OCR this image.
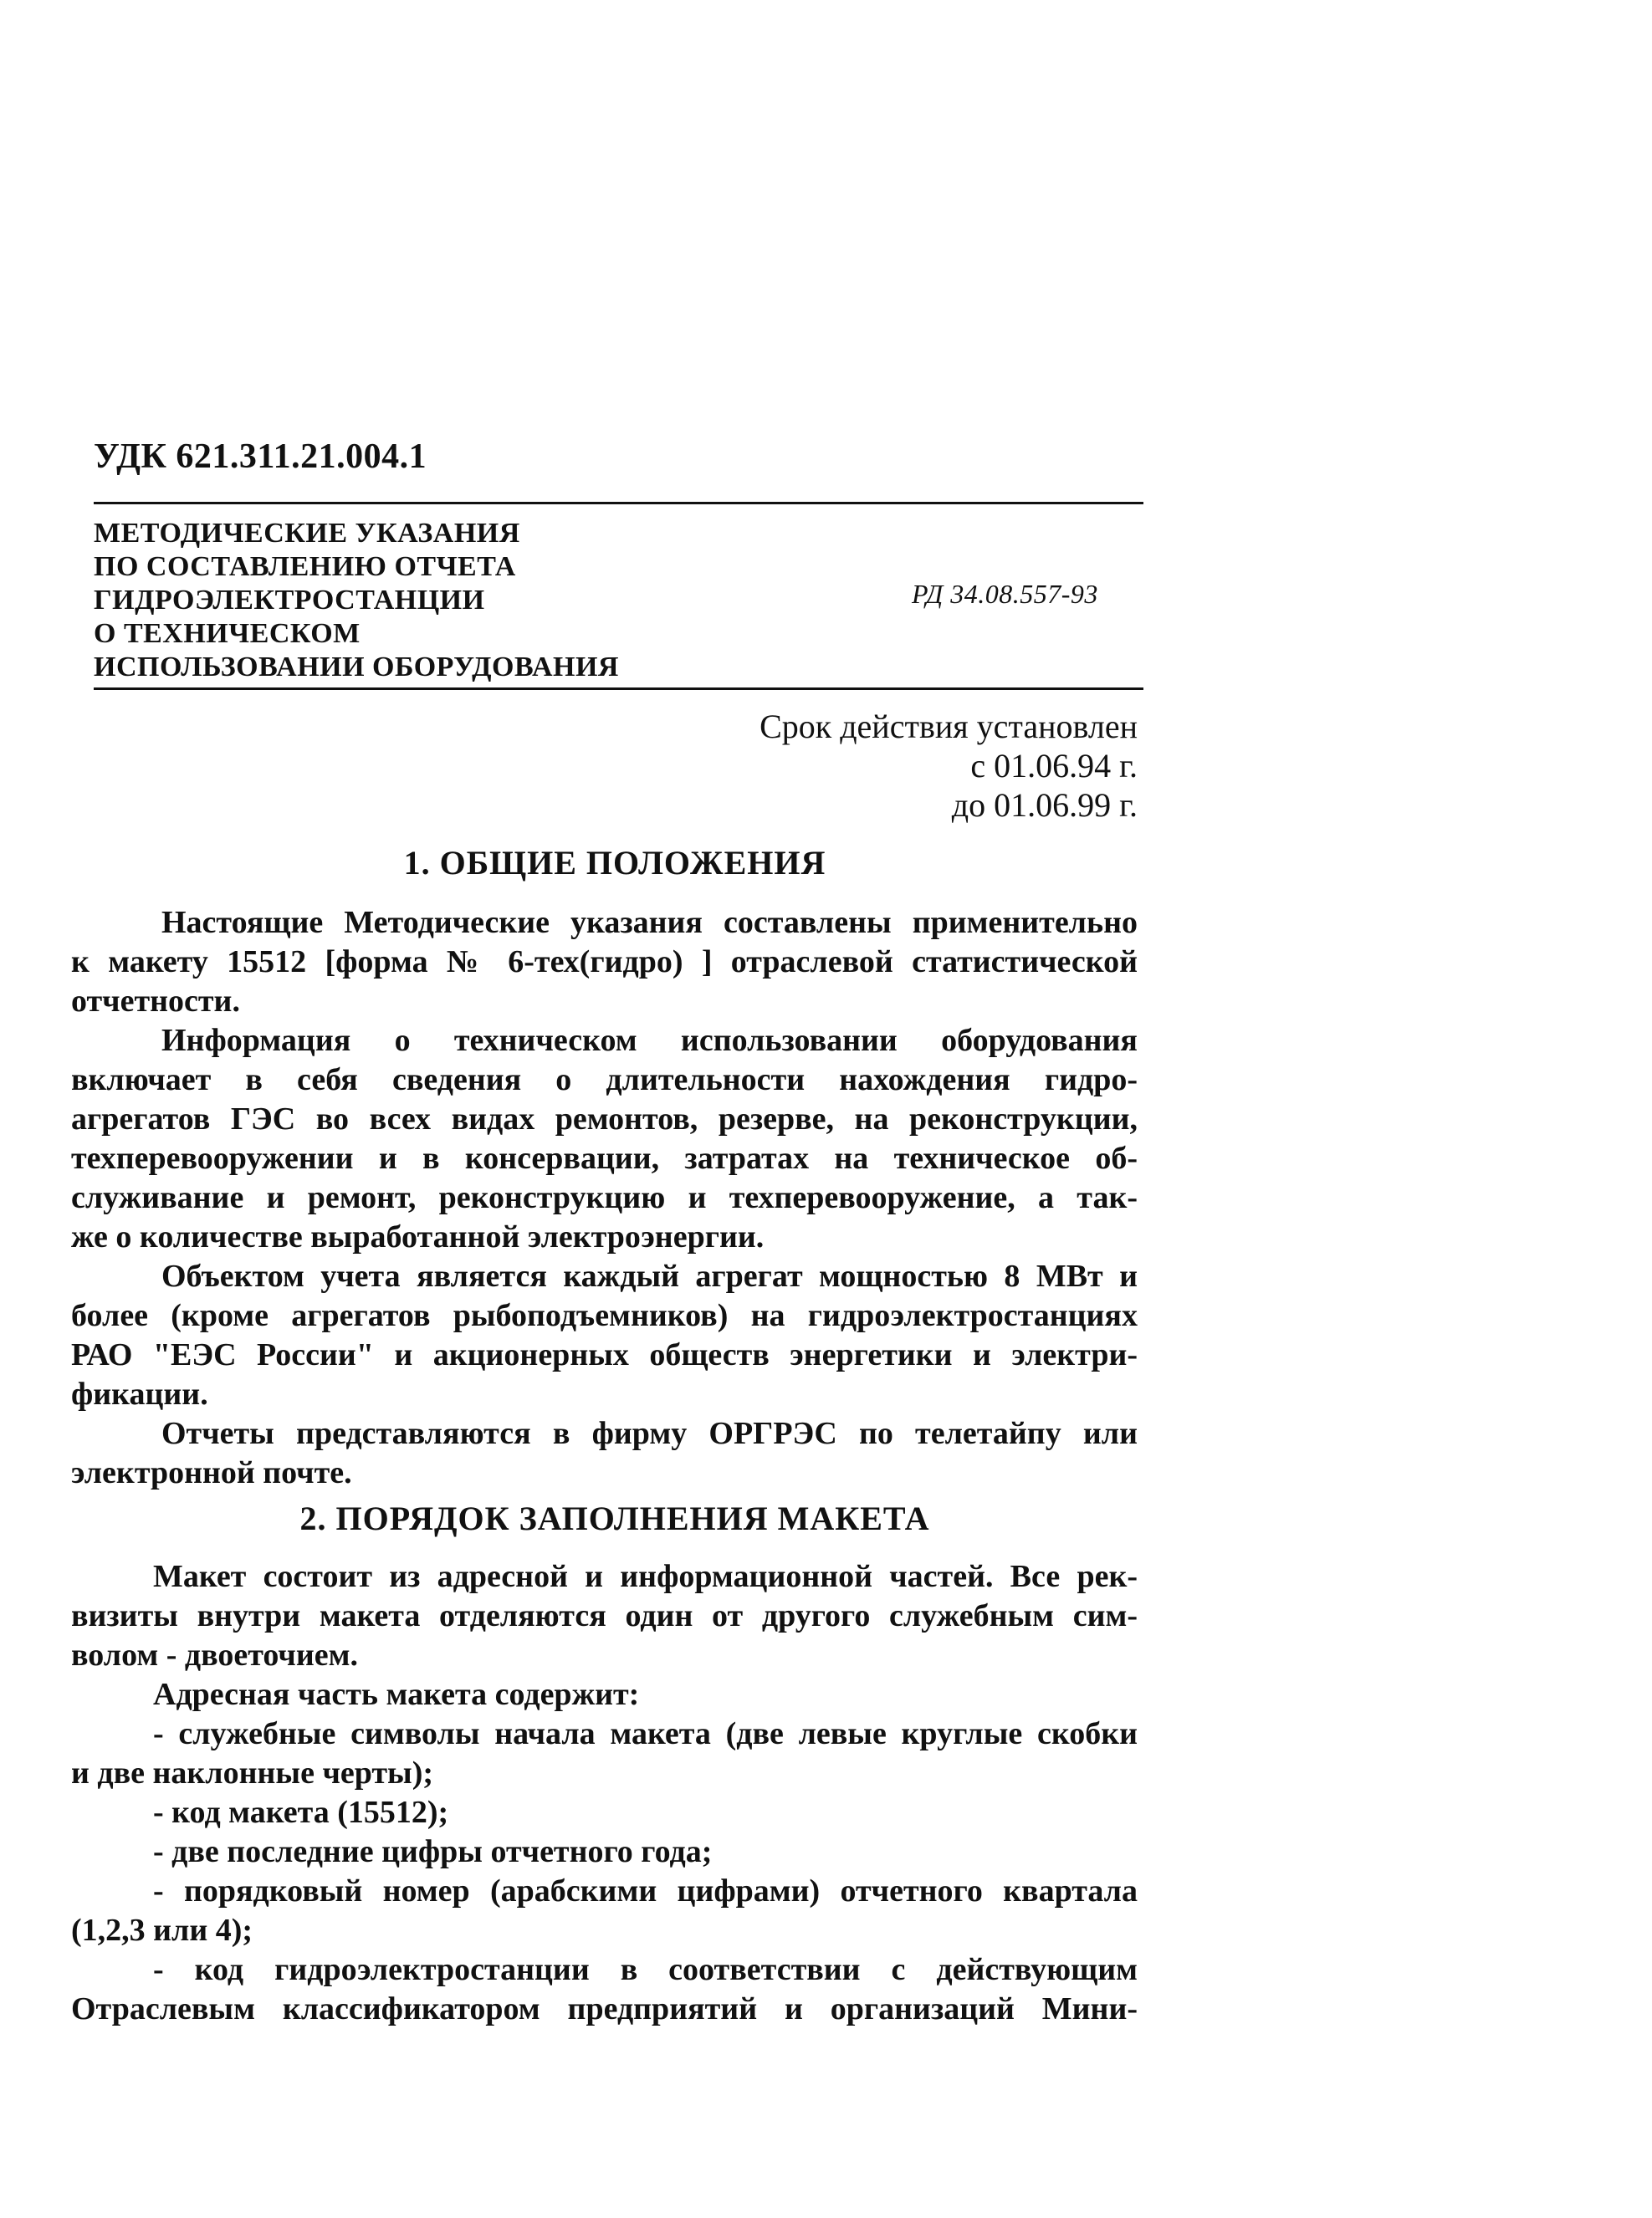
УДК 621.311.21.004.1
МЕТОДИЧЕСКИЕ УКАЗАНИЯ
ПО СОСТАВЛЕНИЮ ОТЧЕТА
ГИДРОЭЛЕКТРОСТАНЦИИ
О ТЕХНИЧЕСКОМ
ИСПОЛЬЗОВАНИИ ОБОРУДОВАНИЯ
РД 34.08.557-93
Срок действия установлен
с 01.06.94 г.
до 01.06.99 г.
1. ОБЩИЕ ПОЛОЖЕНИЯ
Настоящие Методические указания составлены применительно
к макету 15512 [форма № 6-тех(гидро) ] отраслевой статистической
отчетности.
Информация о техническом использовании оборудования
включает в себя сведения о длительности нахождения гидро-
агрегатов ГЭС во всех видах ремонтов, резерве, на реконструкции,
техперевооружении и в консервации, затратах на техническое об-
служивание и ремонт, реконструкцию и техперевооружение, а так-
же о количестве выработанной электроэнергии.
Объектом учета является каждый агрегат мощностью 8 МВт и
более (кроме агрегатов рыбоподъемников) на гидроэлектростанциях
РАО "ЕЭС России" и акционерных обществ энергетики и электри-
фикации.
Отчеты представляются в фирму ОРГРЭС по телетайпу или
электронной почте.
2. ПОРЯДОК ЗАПОЛНЕНИЯ МАКЕТА
Макет состоит из адресной и информационной частей. Все рек-
визиты внутри макета отделяются один от другого служебным сим-
волом - двоеточием.
Адресная часть макета содержит:
- служебные символы начала макета (две левые круглые скобки
и две наклонные черты);
- код макета (15512);
- две последние цифры отчетного года;
- порядковый номер (арабскими цифрами) отчетного квартала
(1,2,3 или 4);
- код гидроэлектростанции в соответствии с действующим
Отраслевым классификатором предприятий и организаций Мини-
